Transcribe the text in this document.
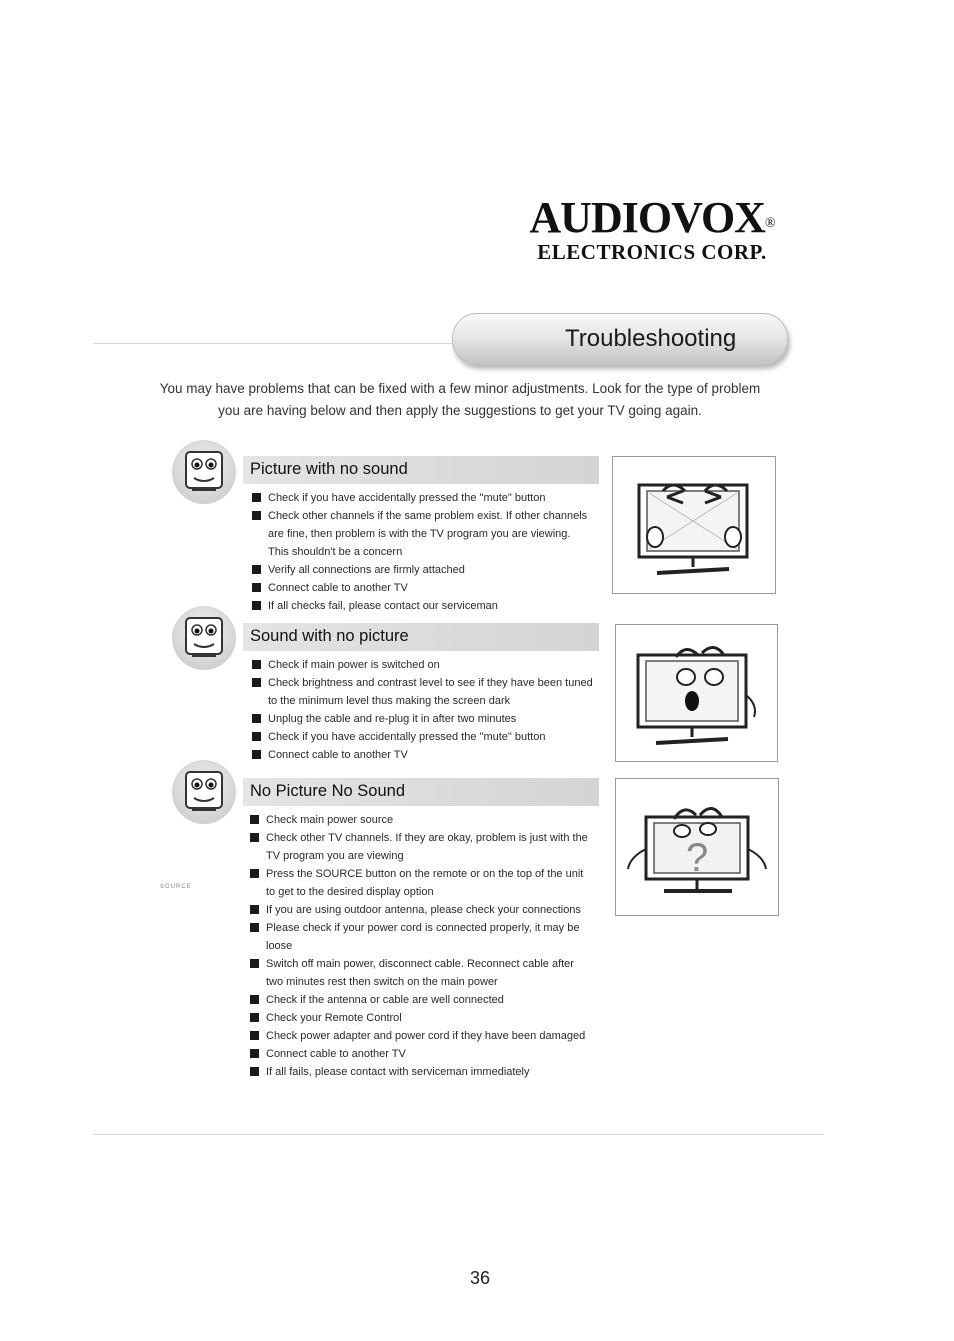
AUDIOVOX®
ELECTRONICS CORP.
Troubleshooting
You may have problems that can be fixed with a few minor adjustments. Look for the type of problem you are having below and then apply the suggestions to get your TV going again.
Picture with no sound
Check if you have accidentally pressed the "mute" button
Check other channels if the same problem exist. If other channels are fine, then problem is with the TV program you are viewing. This shouldn't be a concern
Verify all connections are firmly attached
Connect cable to another TV
If all checks fail, please contact our serviceman
Sound with no picture
Check if main power is switched on
Check brightness and contrast level to see if they have been tuned to the minimum level thus making the screen dark
Unplug the cable and re-plug it in after two minutes
Check if you have accidentally pressed the "mute" button
Connect cable to another TV
No Picture No Sound
Check main power source
Check other TV channels. If they are okay, problem is just with the TV program you are viewing
Press the SOURCE button on the remote or on the top of the unit to get to the desired display option
If you are using outdoor antenna, please check your connections
Please check if your power cord is connected properly, it may be loose
Switch off main power, disconnect cable. Reconnect cable after two minutes rest then switch on the main power
Check if the antenna or cable are well connected
Check your Remote Control
Check power adapter and power cord if they have been damaged
Connect cable to another TV
If all fails, please contact with serviceman immediately
SOURCE
?
36
